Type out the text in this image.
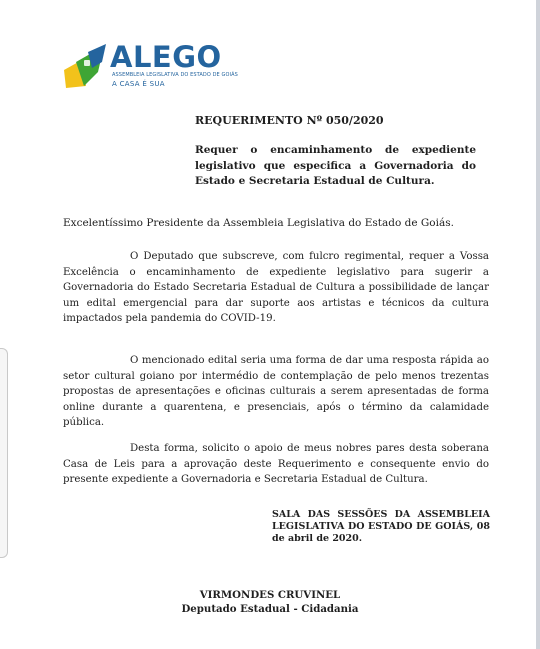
ALEGO
ASSEMBLEIA LEGISLATIVA DO ESTADO DE GOIÁS
A CASA É SUA
REQUERIMENTO Nº 050/2020

Requer o encaminhamento de expediente legislativo que especifica a Governadoria do Estado e Secretaria Estadual de Cultura.

Excelentíssimo Presidente da Assembleia Legislativa do Estado de Goiás.

O Deputado que subscreve, com fulcro regimental, requer a Vossa Excelência o encaminhamento de expediente legislativo para sugerir a Governadoria do Estado Secretaria Estadual de Cultura a possibilidade de lançar um edital emergencial para dar suporte aos artistas e técnicos da cultura impactados pela pandemia do COVID-19.

O mencionado edital seria uma forma de dar uma resposta rápida ao setor cultural goiano por intermédio de contemplação de pelo menos trezentas propostas de apresentações e oficinas culturais a serem apresentadas de forma online durante a quarentena, e presenciais, após o término da calamidade pública.

Desta forma, solicito o apoio de meus nobres pares desta soberana Casa de Leis para a aprovação deste Requerimento e consequente envio do presente expediente a Governadoria e Secretaria Estadual de Cultura.

SALA DAS SESSÕES DA ASSEMBLEIA LEGISLATIVA DO ESTADO DE GOIÁS, 08 de abril de 2020.

VIRMONDES CRUVINEL
Deputado Estadual - Cidadania
